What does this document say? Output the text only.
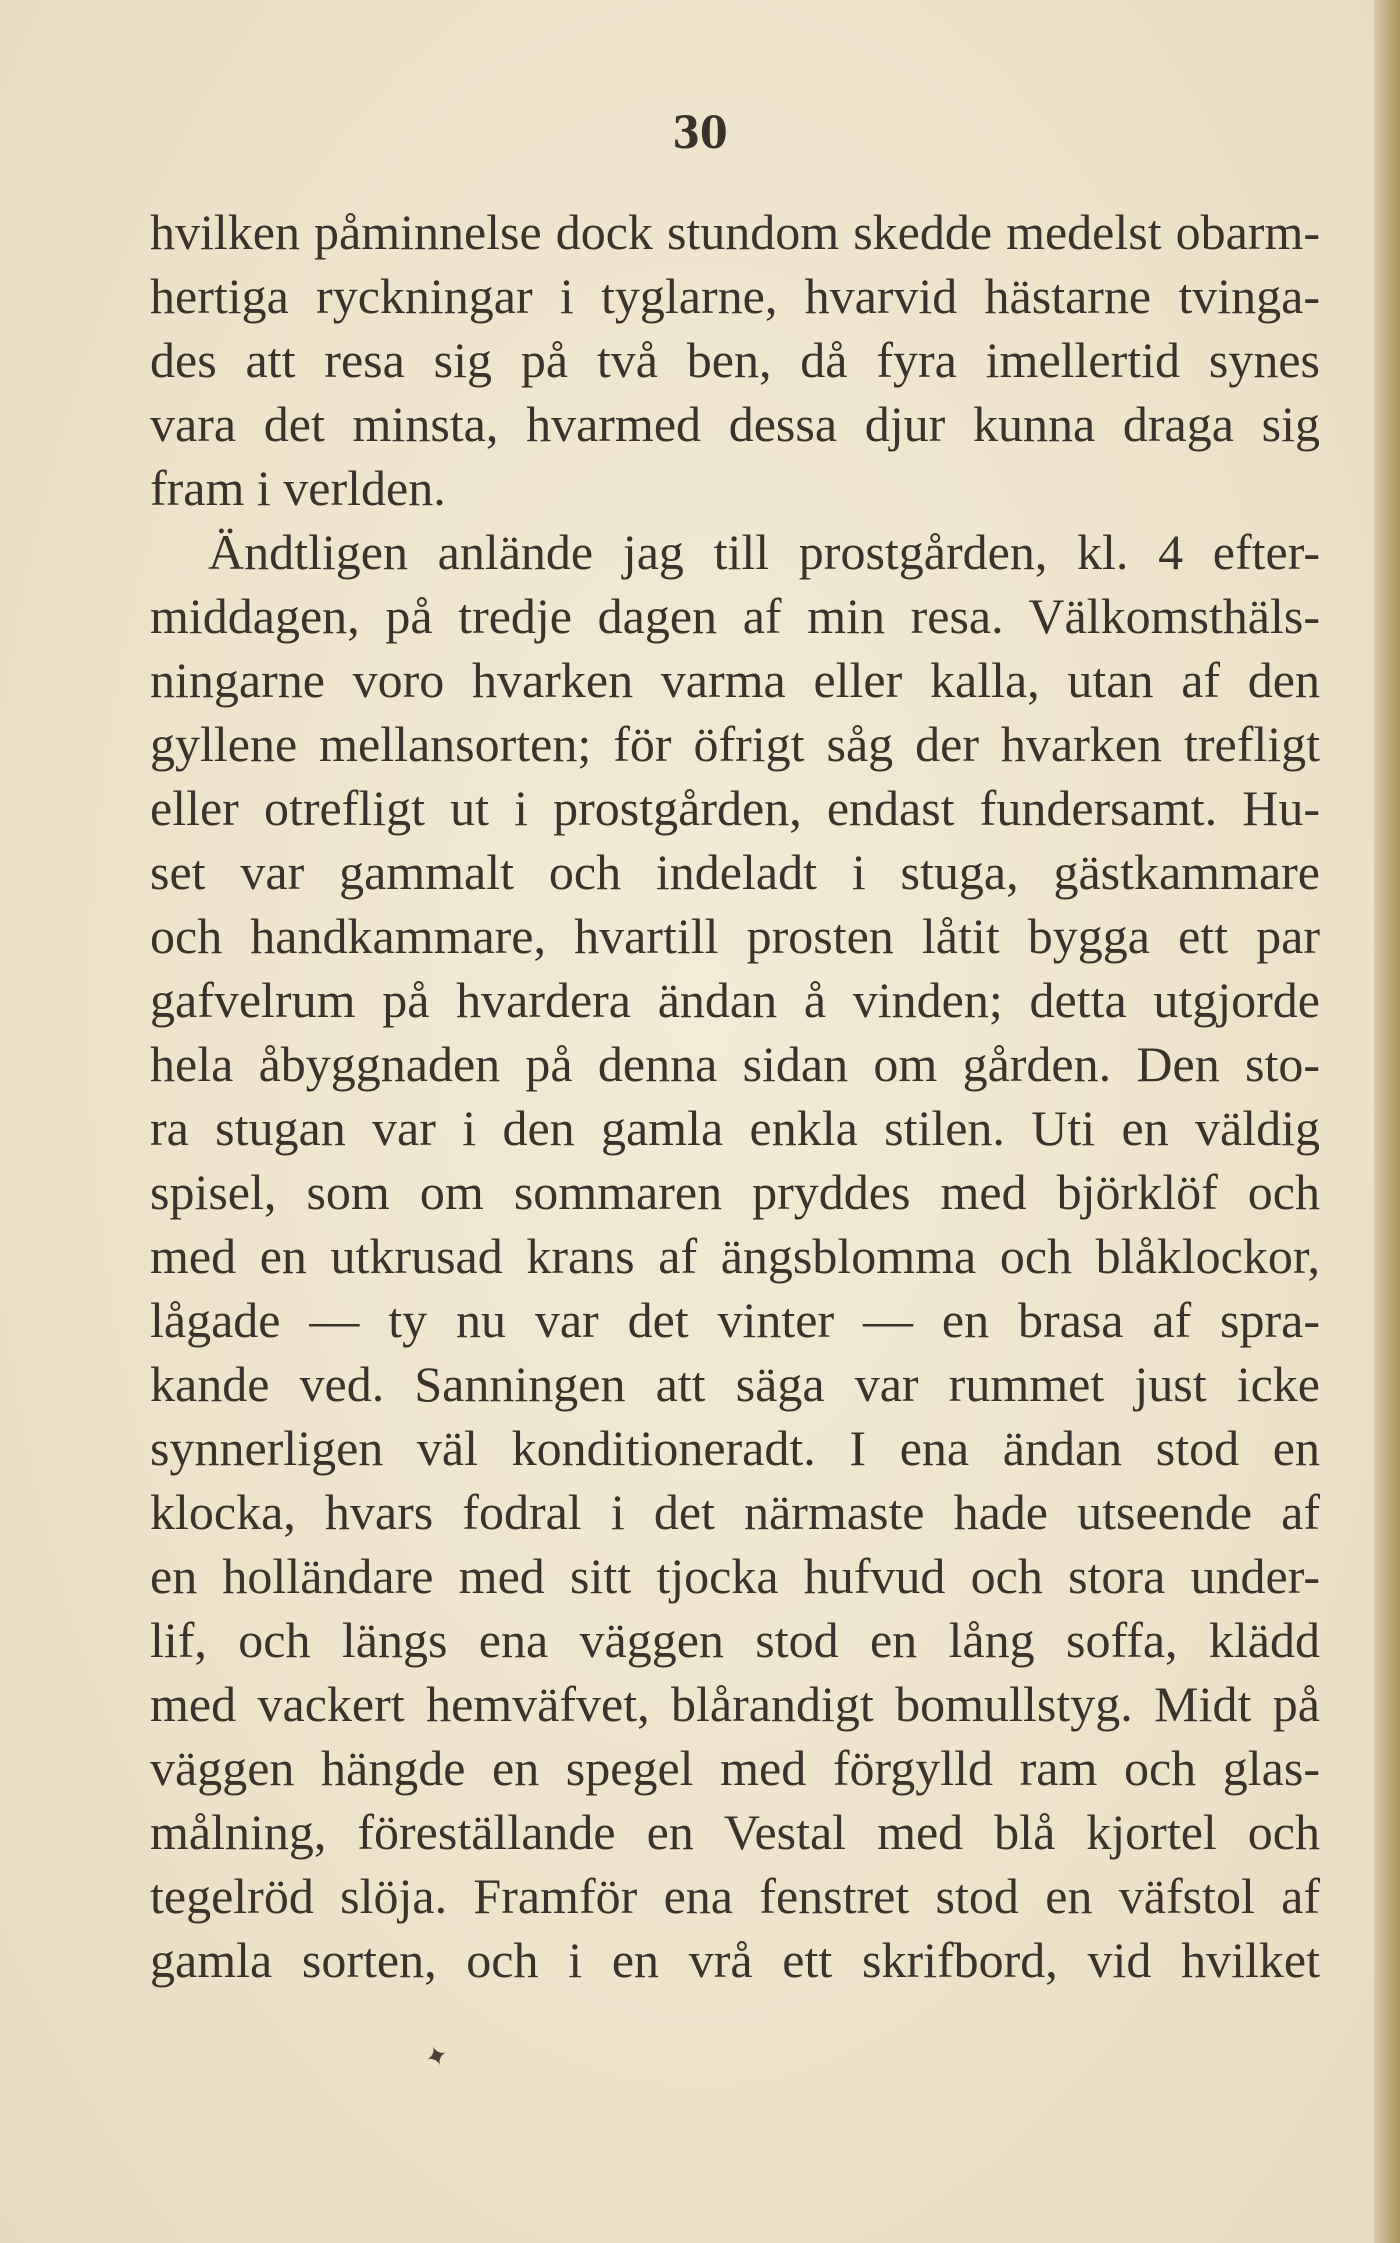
30
hvilken påminnelse dock stundom skedde medelst obarm-
hertiga ryckningar i tyglarne, hvarvid hästarne tvinga-
des att resa sig på två ben, då fyra imellertid synes
vara det minsta, hvarmed dessa djur kunna draga sig
fram i verlden.
Ändtligen anlände jag till prostgården, kl. 4 efter-
middagen, på tredje dagen af min resa. Välkomsthäls-
ningarne voro hvarken varma eller kalla, utan af den
gyllene mellansorten; för öfrigt såg der hvarken trefligt
eller otrefligt ut i prostgården, endast fundersamt. Hu-
set var gammalt och indeladt i stuga, gästkammare
och handkammare, hvartill prosten låtit bygga ett par
gafvelrum på hvardera ändan å vinden; detta utgjorde
hela åbyggnaden på denna sidan om gården. Den sto-
ra stugan var i den gamla enkla stilen. Uti en väldig
spisel, som om sommaren pryddes med björklöf och
med en utkrusad krans af ängsblomma och blåklockor,
lågade — ty nu var det vinter — en brasa af spra-
kande ved. Sanningen att säga var rummet just icke
synnerligen väl konditioneradt. I ena ändan stod en
klocka, hvars fodral i det närmaste hade utseende af
en holländare med sitt tjocka hufvud och stora under-
lif, och längs ena väggen stod en lång soffa, klädd
med vackert hemväfvet, blårandigt bomullstyg. Midt på
väggen hängde en spegel med förgylld ram och glas-
målning, föreställande en Vestal med blå kjortel och
tegelröd slöja. Framför ena fenstret stod en väfstol af
gamla sorten, och i en vrå ett skrifbord, vid hvilket
✦
